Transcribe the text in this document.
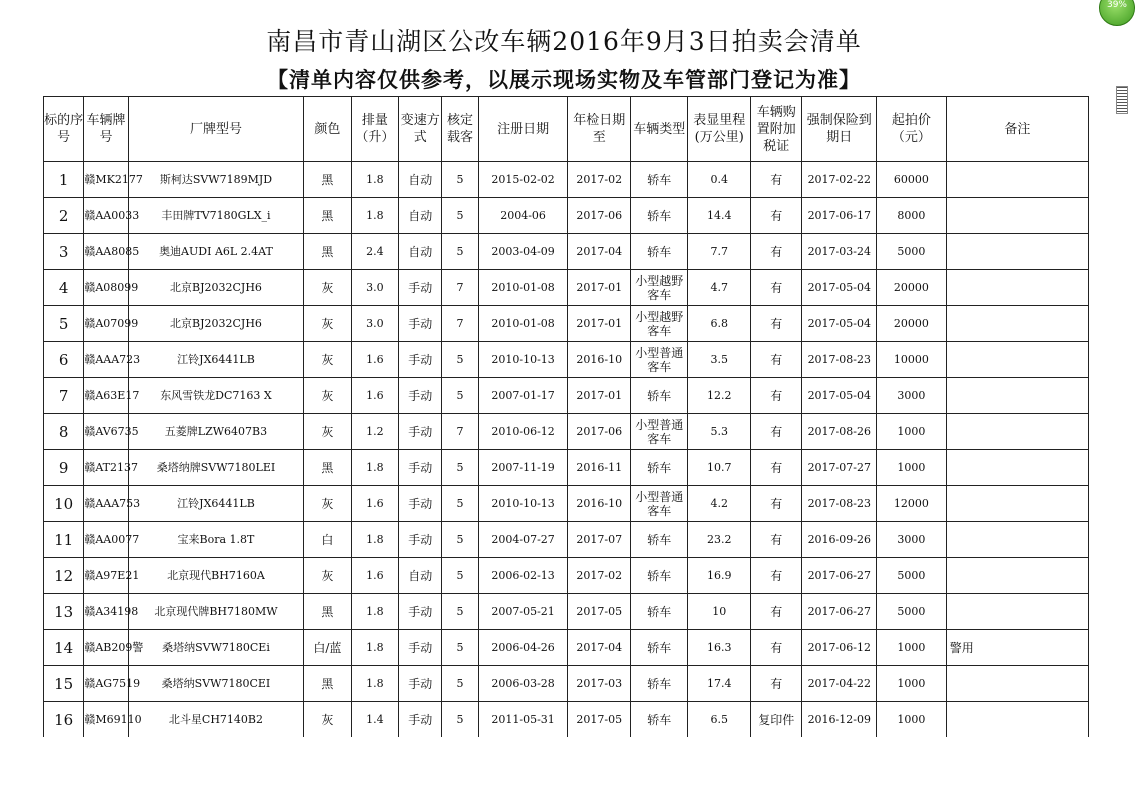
39%
南昌市青山湖区公改车辆2016年9月3日拍卖会清单
【清单内容仅供参考，以展示现场实物及车管部门登记为准】
标的序号	车辆牌号	厂牌型号	颜色	排量（升）	变速方式	核定载客	注册日期	年检日期至	车辆类型	表显里程(万公里)	车辆购置附加税证	强制保险到期日	起拍价（元）	备注
1	赣MK2177	斯柯达SVW7189MJD	黑	1.8	自动	5	2015-02-02	2017-02	轿车	0.4	有	2017-02-22	60000	
2	赣AA0033	丰田牌TV7180GLX_i	黑	1.8	自动	5	2004-06	2017-06	轿车	14.4	有	2017-06-17	8000	
3	赣AA8085	奥迪AUDI A6L 2.4AT	黑	2.4	自动	5	2003-04-09	2017-04	轿车	7.7	有	2017-03-24	5000	
4	赣A08099	北京BJ2032CJH6	灰	3.0	手动	7	2010-01-08	2017-01	小型越野客车	4.7	有	2017-05-04	20000	
5	赣A07099	北京BJ2032CJH6	灰	3.0	手动	7	2010-01-08	2017-01	小型越野客车	6.8	有	2017-05-04	20000	
6	赣AAA723	江铃JX6441LB	灰	1.6	手动	5	2010-10-13	2016-10	小型普通客车	3.5	有	2017-08-23	10000	
7	赣A63E17	东风雪铁龙DC7163 X	灰	1.6	手动	5	2007-01-17	2017-01	轿车	12.2	有	2017-05-04	3000	
8	赣AV6735	五菱牌LZW6407B3	灰	1.2	手动	7	2010-06-12	2017-06	小型普通客车	5.3	有	2017-08-26	1000	
9	赣AT2137	桑塔纳牌SVW7180LEI	黑	1.8	手动	5	2007-11-19	2016-11	轿车	10.7	有	2017-07-27	1000	
10	赣AAA753	江铃JX6441LB	灰	1.6	手动	5	2010-10-13	2016-10	小型普通客车	4.2	有	2017-08-23	12000	
11	赣AA0077	宝来Bora 1.8T	白	1.8	手动	5	2004-07-27	2017-07	轿车	23.2	有	2016-09-26	3000	
12	赣A97E21	北京现代BH7160A	灰	1.6	自动	5	2006-02-13	2017-02	轿车	16.9	有	2017-06-27	5000	
13	赣A34198	北京现代牌BH7180MW	黑	1.8	手动	5	2007-05-21	2017-05	轿车	10	有	2017-06-27	5000	
14	赣AB209警	桑塔纳SVW7180CEi	白/蓝	1.8	手动	5	2006-04-26	2017-04	轿车	16.3	有	2017-06-12	1000	警用
15	赣AG7519	桑塔纳SVW7180CEI	黑	1.8	手动	5	2006-03-28	2017-03	轿车	17.4	有	2017-04-22	1000	
16	赣M69110	北斗星CH7140B2	灰	1.4	手动	5	2011-05-31	2017-05	轿车	6.5	复印件	2016-12-09	1000	
